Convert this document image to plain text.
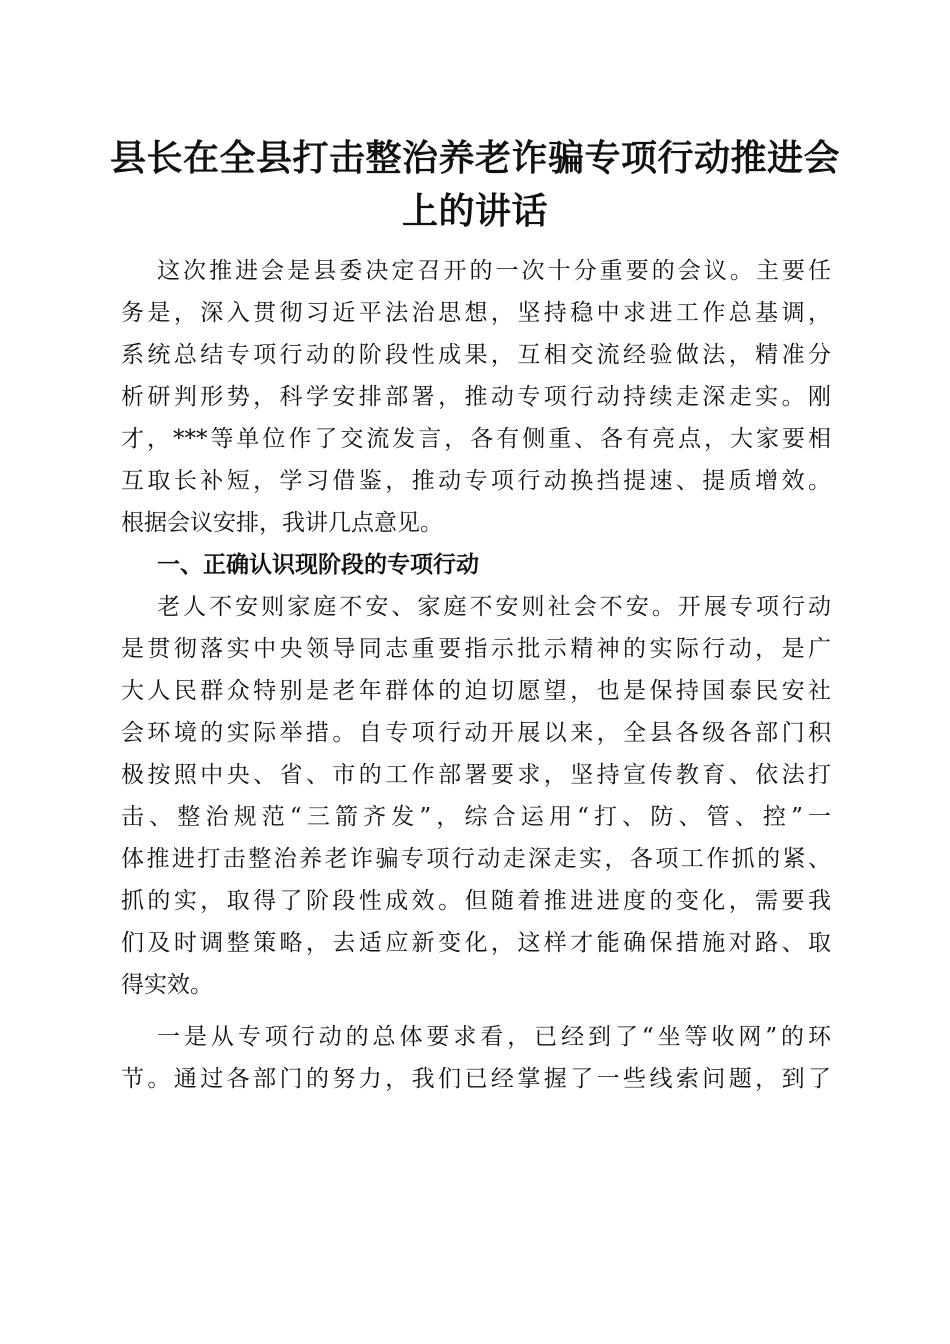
县长在全县打击整治养老诈骗专项行动推进会
上的讲话
这次推进会是县委决定召开的一次十分重要的会议。主要任
务是，深入贯彻习近平法治思想，坚持稳中求进工作总基调，
系统总结专项行动的阶段性成果，互相交流经验做法，精准分
析研判形势，科学安排部署，推动专项行动持续走深走实。刚
才，***等单位作了交流发言，各有侧重、各有亮点，大家要相
互取长补短，学习借鉴，推动专项行动换挡提速、提质增效。
根据会议安排，我讲几点意见。
一、正确认识现阶段的专项行动
老人不安则家庭不安、家庭不安则社会不安。开展专项行动
是贯彻落实中央领导同志重要指示批示精神的实际行动，是广
大人民群众特别是老年群体的迫切愿望，也是保持国泰民安社
会环境的实际举措。自专项行动开展以来，全县各级各部门积
极按照中央、省、市的工作部署要求，坚持宣传教育、依法打
击、整治规范“三箭齐发”，综合运用“打、防、管、控”一
体推进打击整治养老诈骗专项行动走深走实，各项工作抓的紧、
抓的实，取得了阶段性成效。但随着推进进度的变化，需要我
们及时调整策略，去适应新变化，这样才能确保措施对路、取
得实效。
一是从专项行动的总体要求看，已经到了“坐等收网”的环
节。通过各部门的努力，我们已经掌握了一些线索问题，到了
